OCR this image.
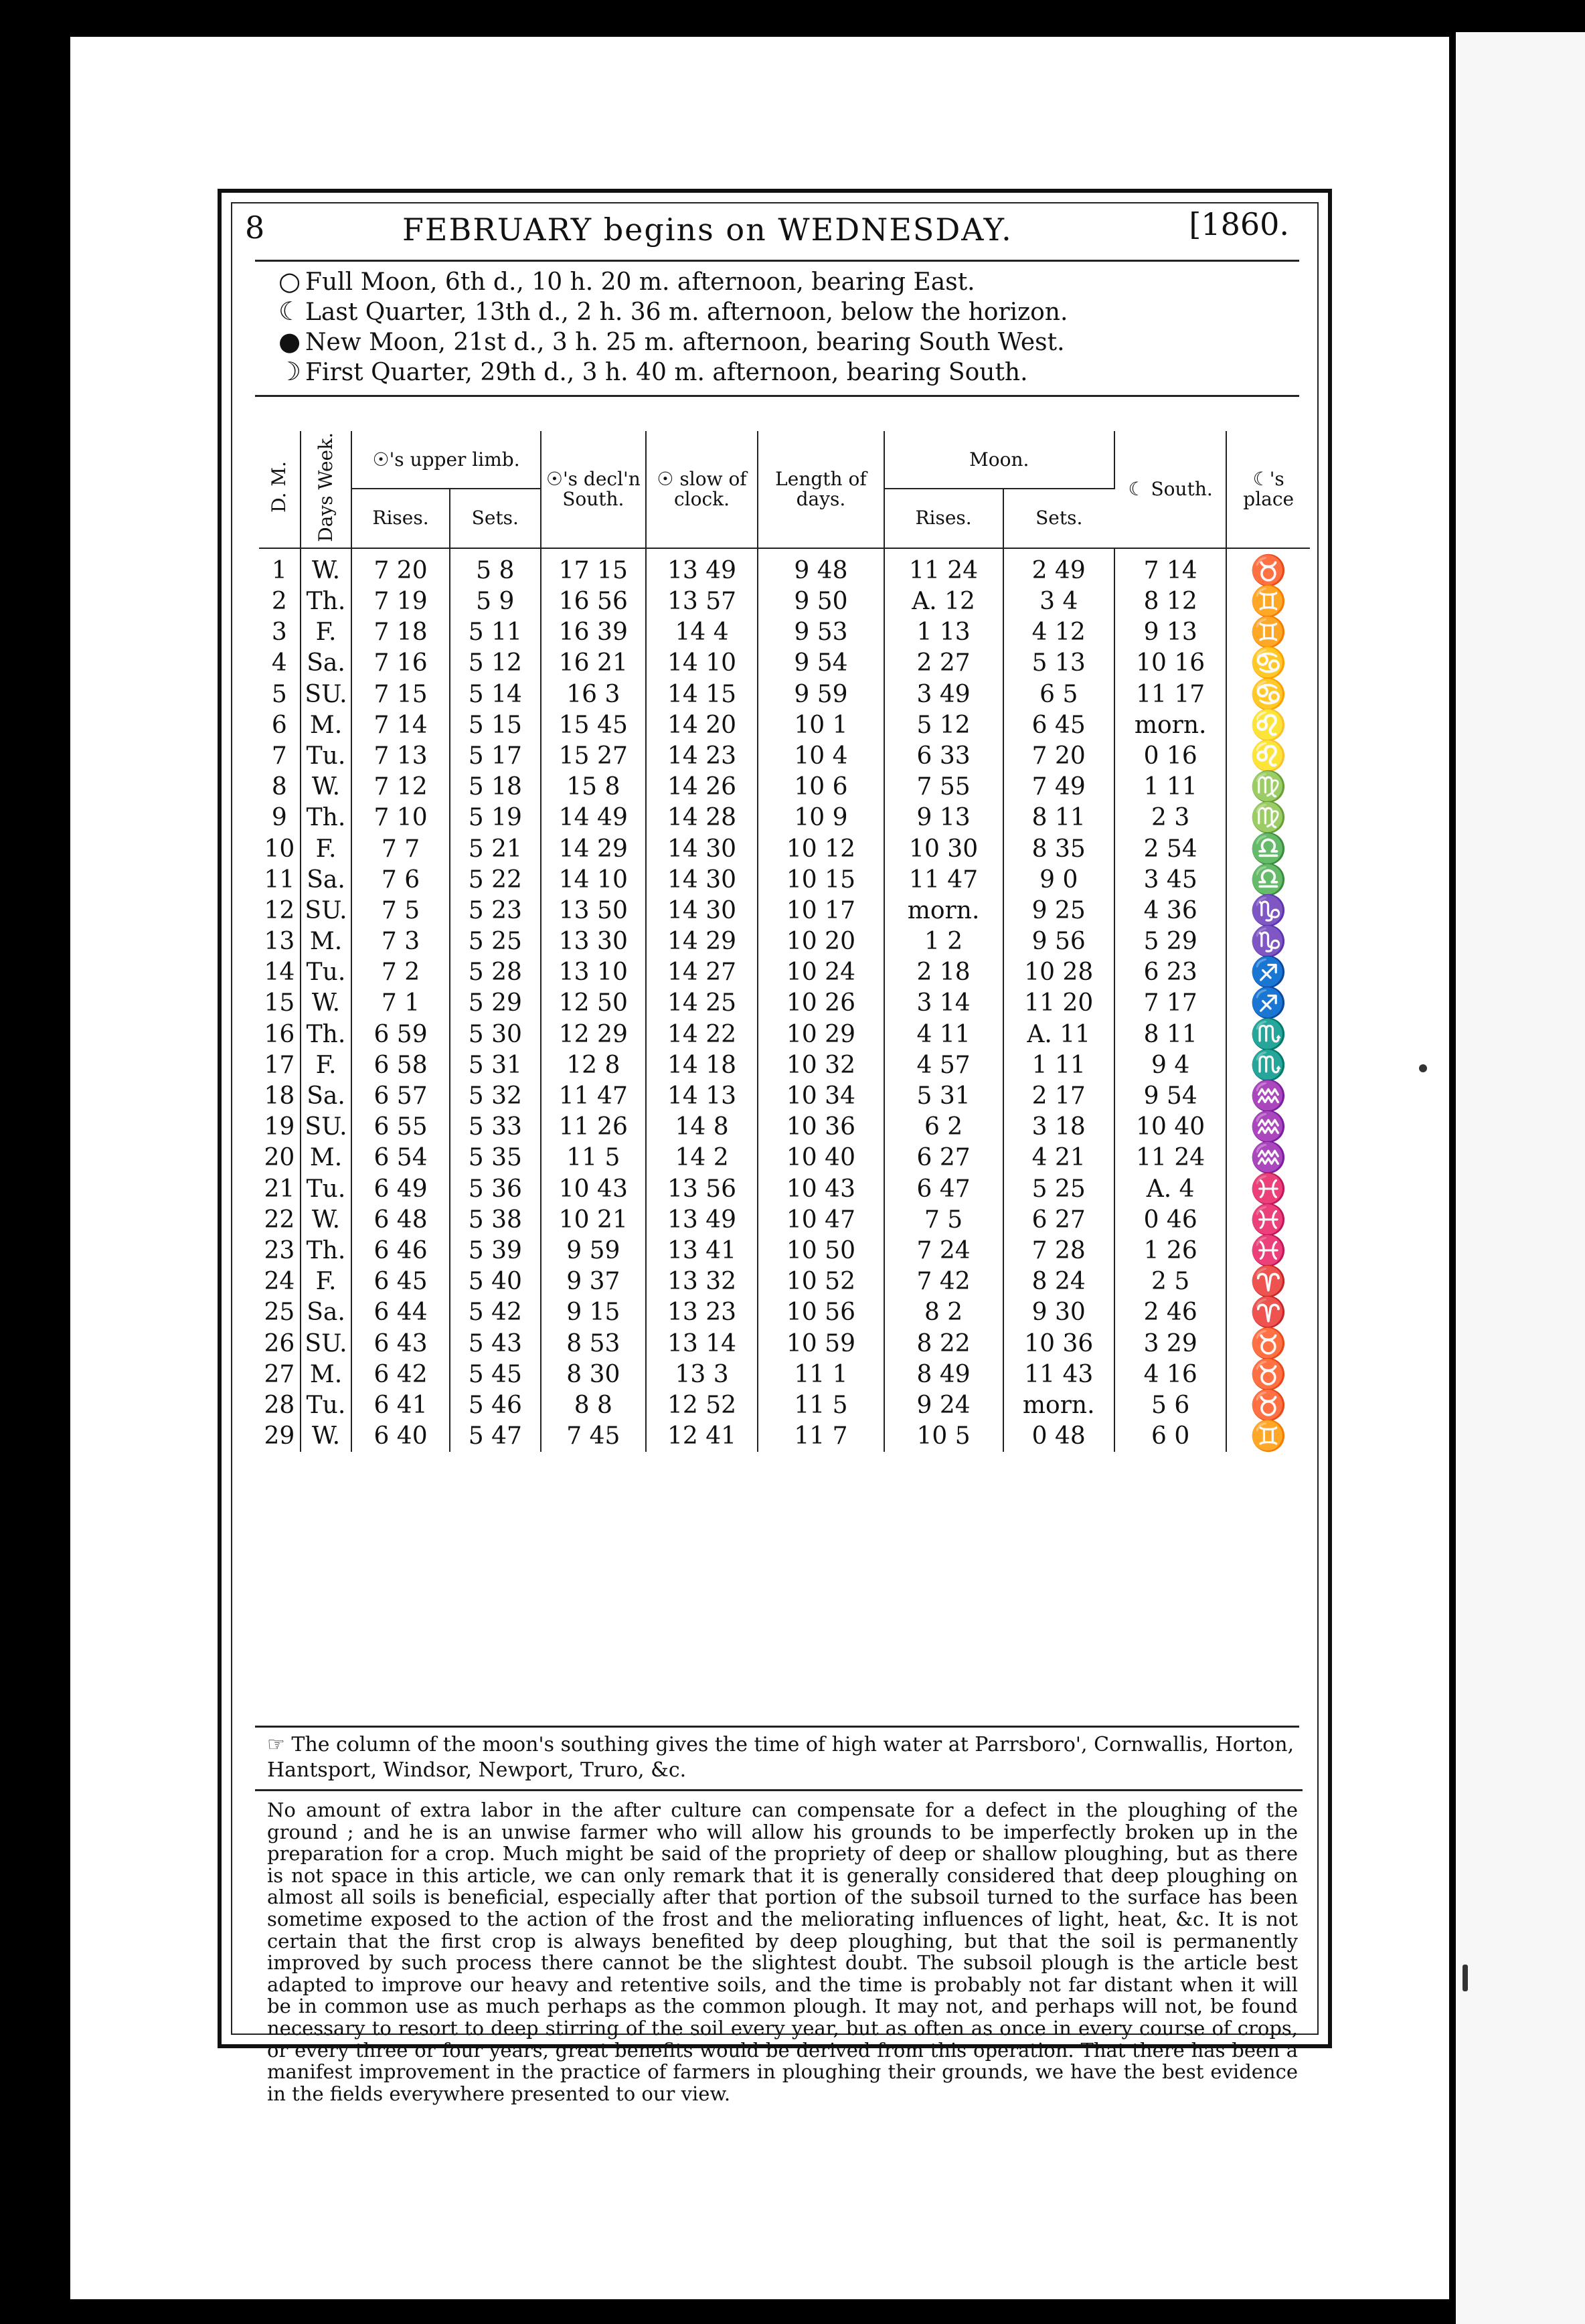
8	FEBRUARY begins on WEDNESDAY.	[1860.
○ Full Moon, 6th d., 10 h. 20 m. afternoon, bearing East.
☾ Last Quarter, 13th d., 2 h. 36 m. afternoon, below the horizon.
● New Moon, 21st d., 3 h. 25 m. afternoon, bearing South West.
☽ First Quarter, 29th d., 3 h. 40 m. afternoon, bearing South.
D. M.	Days Week.	☉'s upper limb.		☉'s decl'n South.	☉ slow of clock.	Length of days.	Moon.		☾ South.	☾'s place
		Rises.	Sets.				Rises.	Sets.		
1	W.	7 20	5 8	17 15	13 49	9 48	11 24	2 49	7 14	♉
2	Th.	7 19	5 9	16 56	13 57	9 50	A. 12	3 4	8 12	♊
3	F.	7 18	5 11	16 39	14 4	9 53	1 13	4 12	9 13	♊
4	Sa.	7 16	5 12	16 21	14 10	9 54	2 27	5 13	10 16	♋
5	SU.	7 15	5 14	16 3	14 15	9 59	3 49	6 5	11 17	♋
6	M.	7 14	5 15	15 45	14 20	10 1	5 12	6 45	morn.	♌
7	Tu.	7 13	5 17	15 27	14 23	10 4	6 33	7 20	0 16	♌
8	W.	7 12	5 18	15 8	14 26	10 6	7 55	7 49	1 11	♍
9	Th.	7 10	5 19	14 49	14 28	10 9	9 13	8 11	2 3	♍
10	F.	7 7	5 21	14 29	14 30	10 12	10 30	8 35	2 54	♎
11	Sa.	7 6	5 22	14 10	14 30	10 15	11 47	9 0	3 45	♎
12	SU.	7 5	5 23	13 50	14 30	10 17	morn.	9 25	4 36	♑
13	M.	7 3	5 25	13 30	14 29	10 20	1 2	9 56	5 29	♑
14	Tu.	7 2	5 28	13 10	14 27	10 24	2 18	10 28	6 23	♐
15	W.	7 1	5 29	12 50	14 25	10 26	3 14	11 20	7 17	♐
16	Th.	6 59	5 30	12 29	14 22	10 29	4 11	A. 11	8 11	♏
17	F.	6 58	5 31	12 8	14 18	10 32	4 57	1 11	9 4	♏
18	Sa.	6 57	5 32	11 47	14 13	10 34	5 31	2 17	9 54	♒
19	SU.	6 55	5 33	11 26	14 8	10 36	6 2	3 18	10 40	♒
20	M.	6 54	5 35	11 5	14 2	10 40	6 27	4 21	11 24	♒
21	Tu.	6 49	5 36	10 43	13 56	10 43	6 47	5 25	A. 4	♓
22	W.	6 48	5 38	10 21	13 49	10 47	7 5	6 27	0 46	♓
23	Th.	6 46	5 39	9 59	13 41	10 50	7 24	7 28	1 26	♓
24	F.	6 45	5 40	9 37	13 32	10 52	7 42	8 24	2 5	♈
25	Sa.	6 44	5 42	9 15	13 23	10 56	8 2	9 30	2 46	♈
26	SU.	6 43	5 43	8 53	13 14	10 59	8 22	10 36	3 29	♉
27	M.	6 42	5 45	8 30	13 3	11 1	8 49	11 43	4 16	♉
28	Tu.	6 41	5 46	8 8	12 52	11 5	9 24	morn.	5 6	♉
29	W.	6 40	5 47	7 45	12 41	11 7	10 5	0 48	6 0	♊
☞ The column of the moon's southing gives the time of high water at Parrsboro', Cornwallis, Horton, Hantsport, Windsor, Newport, Truro, &c.
No amount of extra labor in the after culture can compensate for a defect in the ploughing of the ground ; and he is an unwise farmer who will allow his grounds to be imperfectly broken up in the preparation for a crop. Much might be said of the propriety of deep or shallow ploughing, but as there is not space in this article, we can only remark that it is generally considered that deep ploughing on almost all soils is beneficial, especially after that portion of the subsoil turned to the surface has been sometime exposed to the action of the frost and the meliorating influences of light, heat, &c. It is not certain that the first crop is always benefited by deep ploughing, but that the soil is permanently improved by such process there cannot be the slightest doubt. The subsoil plough is the article best adapted to improve our heavy and retentive soils, and the time is probably not far distant when it will be in common use as much perhaps as the common plough. It may not, and perhaps will not, be found necessary to resort to deep stirring of the soil every year, but as often as once in every course of crops, or every three or four years, great benefits would be derived from this operation. That there has been a manifest improvement in the practice of farmers in ploughing their grounds, we have the best evidence in the fields everywhere presented to our view.
